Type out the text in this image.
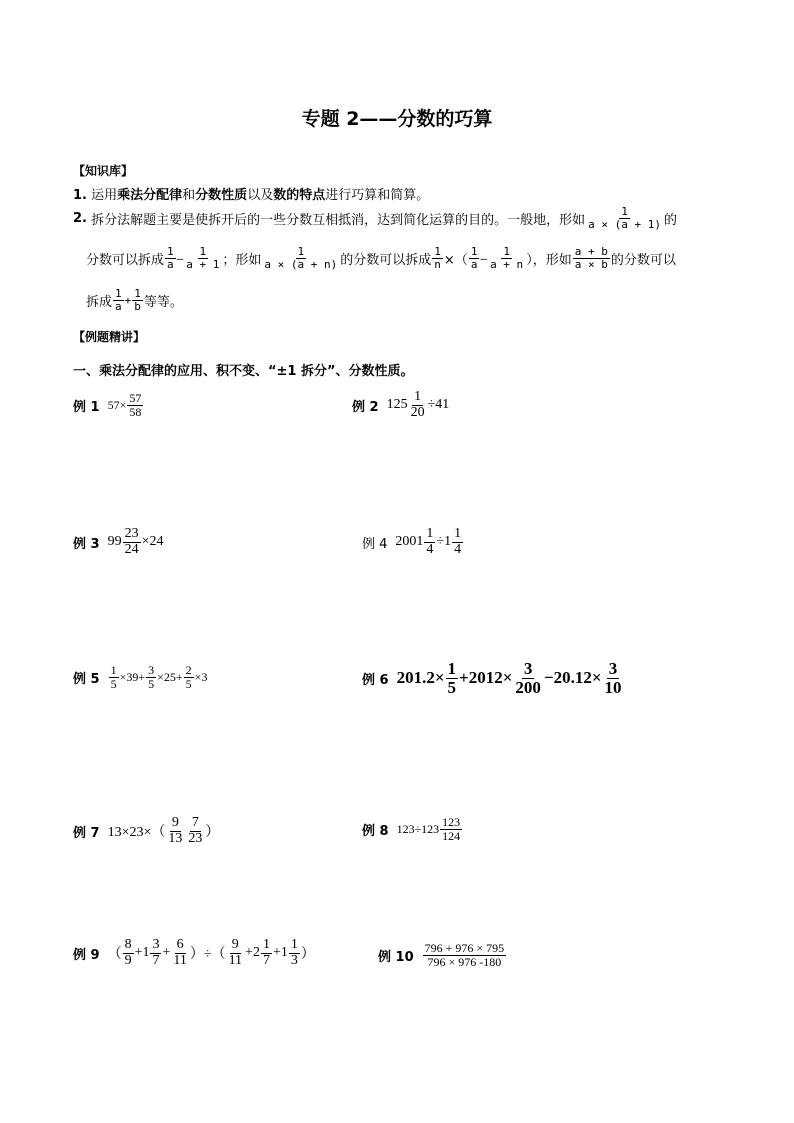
专题 2——分数的巧算
【知识库】
1. 运用乘法分配律和分数性质以及数的特点进行巧算和简算。
2.
拆分法解题主要是使拆开后的一些分数互相抵消，达到简化运算的目的。一般地，形如
1
a × (a + 1) 的
分数可以拆成
1
a –
1
a + 1 ；形如
1
a × (a + n) 的分数可以拆成 $\frac{1}{n}$ ×（
1
a –
1
a + n ），形如
a + b
a × b 的分数可以
拆成
1
$a + \frac{1}{b}$ 等等。
【例题精讲】
一、乘法分配律的应用、积不变、“±1 拆分”、分数性质。
例 1 $57\times \frac{57}{58}$	例 2 $125 \frac{1}{20} \div 41$
例 3 $99 \frac{23}{24} \times 24$	例 4 $2001 \frac{1}{4} \div 1$
1
4
例 $5 \frac{1}{5} \times 39+ \frac{3}{5} \times 25+ \frac{2}{5} \times 3$	例 6 $201.2\times \frac{1}{5} +2012\times \frac{3}{200} -20.12\times \frac{3}{10}$
例 7 13×23×（
9
13
7
23 ）	例 8 123÷123 123
124
例 9 （
8
9 +1
3
$7 + \frac{6}{11}$ ）÷（
9
11 +2
1
7 +1
1
3 ）	例 10
796 + 976 × 795
796 × 976 -180
